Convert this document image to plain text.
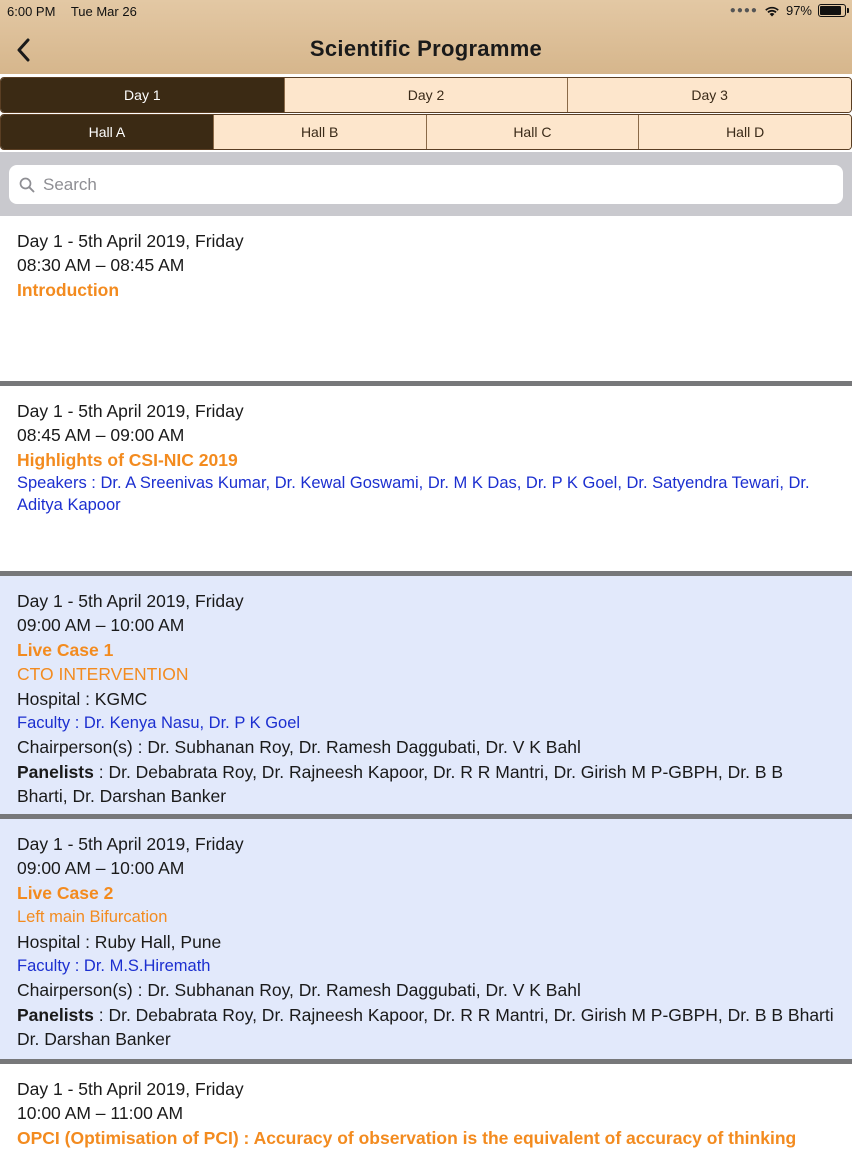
6:00 PM Tue Mar 26	●●●● 97%
Scientific Programme
Day 1	Day 2	Day 3
Hall A	Hall B	Hall C	Hall D
Search
Day 1 - 5th April 2019, Friday
08:30 AM – 08:45 AM
Introduction
Day 1 - 5th April 2019, Friday
08:45 AM – 09:00 AM
Highlights of CSI-NIC 2019
Speakers : Dr. A Sreenivas Kumar, Dr. Kewal Goswami, Dr. M K Das, Dr. P K Goel, Dr. Satyendra Tewari, Dr. Aditya Kapoor
Day 1 - 5th April 2019, Friday
09:00 AM – 10:00 AM
Live Case 1
CTO INTERVENTION
Hospital : KGMC
Faculty : Dr. Kenya Nasu, Dr. P K Goel
Chairperson(s) : Dr. Subhanan Roy, Dr. Ramesh Daggubati, Dr. V K Bahl
Panelists : Dr. Debabrata Roy, Dr. Rajneesh Kapoor, Dr. R R Mantri, Dr. Girish M P-GBPH, Dr. B B Bharti, Dr. Darshan Banker
Day 1 - 5th April 2019, Friday
09:00 AM – 10:00 AM
Live Case 2
Left main Bifurcation
Hospital : Ruby Hall, Pune
Faculty : Dr. M.S.Hiremath
Chairperson(s) : Dr. Subhanan Roy, Dr. Ramesh Daggubati, Dr. V K Bahl
Panelists : Dr. Debabrata Roy, Dr. Rajneesh Kapoor, Dr. R R Mantri, Dr. Girish M P-GBPH, Dr. B B Bharti Dr. Darshan Banker
Day 1 - 5th April 2019, Friday
10:00 AM – 11:00 AM
OPCI (Optimisation of PCI) : Accuracy of observation is the equivalent of accuracy of thinking
